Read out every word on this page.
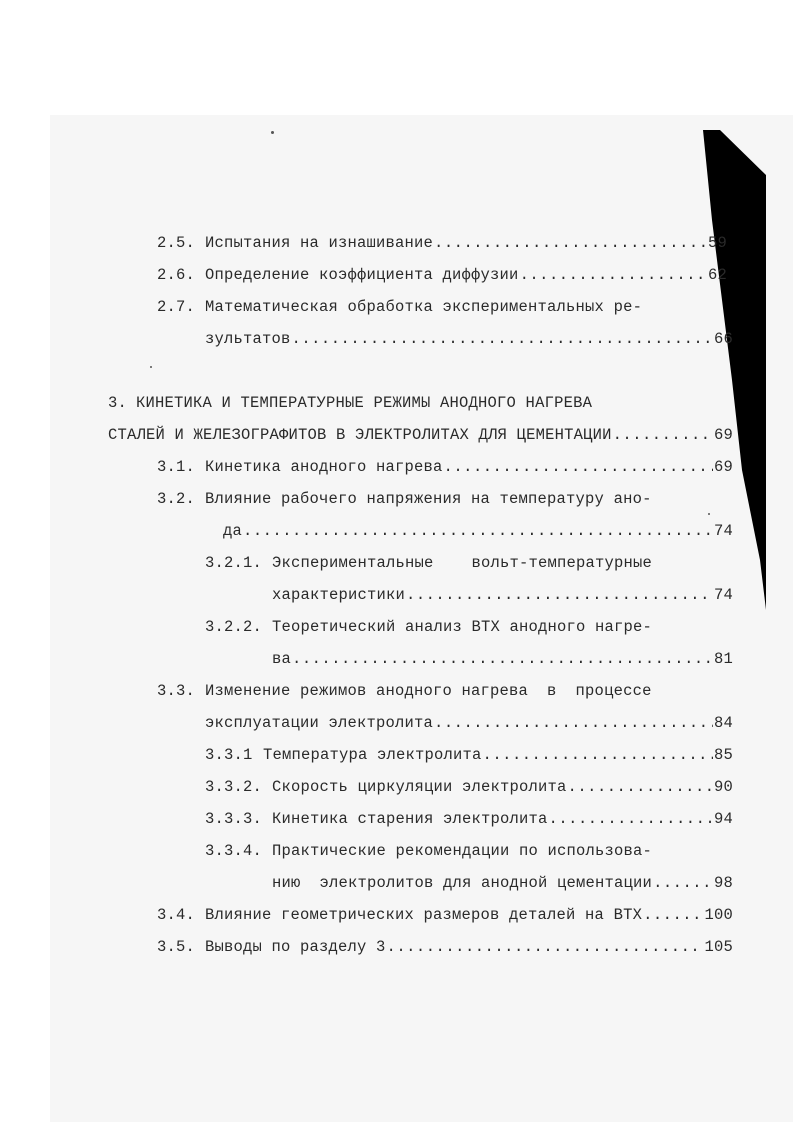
2.5. Испытания на изнашивание .....	59
2.6. Определение коэффициента диффузии .....	62
2.7. Математическая обработка экспериментальных ре-
зультатов .....	66
3. КИНЕТИКА И ТЕМПЕРАТУРНЫЕ РЕЖИМЫ АНОДНОГО НАГРЕВА
СТАЛЕЙ И ЖЕЛЕЗОГРАФИТОВ В ЭЛЕКТРОЛИТАХ ДЛЯ ЦЕМЕНТАЦИИ .....	69
3.1. Кинетика анодного нагрева .....	69
3.2. Влияние рабочего напряжения на температуру ано-
да .....	74
3.2.1. Экспериментальные    вольт-температурные
характеристики .....	74
3.2.2. Теоретический анализ ВТХ анодного нагре-
ва .....	81
3.3. Изменение режимов анодного нагрева  в  процессе
эксплуатации электролита .....	84
3.3.1 Температура электролита .....	85
3.3.2. Скорость циркуляции электролита .....	90
3.3.3. Кинетика старения электролита .....	94
3.3.4. Практические рекомендации по использова-
нию  электролитов для анодной цементации .....	98
3.4. Влияние геометрических размеров деталей на ВТХ .....	100
3.5. Выводы по разделу 3 .....	105
